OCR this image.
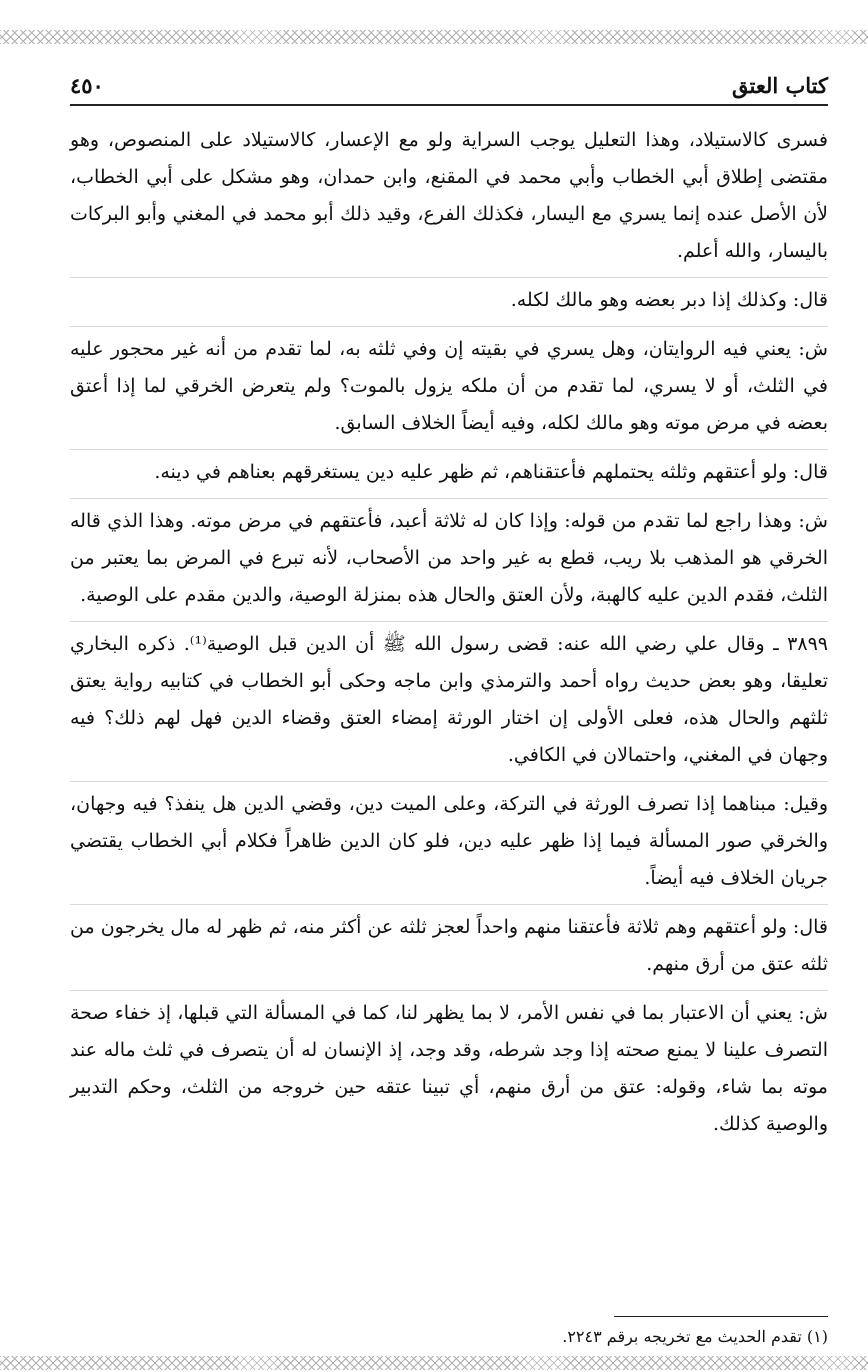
كتاب العتق
٤٥٠

فسرى كالاستيلاد، وهذا التعليل يوجب السراية ولو مع الإعسار، كالاستيلاد على المنصوص، وهو مقتضى إطلاق أبي الخطاب وأبي محمد في المقنع، وابن حمدان، وهو مشكل على أبي الخطاب، لأن الأصل عنده إنما يسري مع اليسار، فكذلك الفرع، وقيد ذلك أبو محمد في المغني وأبو البركات باليسار، والله أعلم.

قال: وكذلك إذا دبر بعضه وهو مالك لكله.

ش: يعني فيه الروايتان، وهل يسري في بقيته إن وفي ثلثه به، لما تقدم من أنه غير محجور عليه في الثلث، أو لا يسري، لما تقدم من أن ملكه يزول بالموت؟ ولم يتعرض الخرقي لما إذا أعتق بعضه في مرض موته وهو مالك لكله، وفيه أيضاً الخلاف السابق.

قال: ولو أعتقهم وثلثه يحتملهم فأعتقناهم، ثم ظهر عليه دين يستغرقهم بعناهم في دينه.

ش: وهذا راجع لما تقدم من قوله: وإذا كان له ثلاثة أعبد، فأعتقهم في مرض موته. وهذا الذي قاله الخرقي هو المذهب بلا ريب، قطع به غير واحد من الأصحاب، لأنه تبرع في المرض بما يعتبر من الثلث، فقدم الدين عليه كالهبة، ولأن العتق والحال هذه بمنزلة الوصية، والدين مقدم على الوصية.

٣٨٩٩ ـ وقال علي رضي الله عنه: قضى رسول الله ﷺ أن الدين قبل الوصية⁽¹⁾. ذكره البخاري تعليقا، وهو بعض حديث رواه أحمد والترمذي وابن ماجه وحكى أبو الخطاب في كتابيه رواية يعتق ثلثهم والحال هذه، فعلى الأولى إن اختار الورثة إمضاء العتق وقضاء الدين فهل لهم ذلك؟ فيه وجهان في المغني، واحتمالان في الكافي.

وقيل: مبناهما إذا تصرف الورثة في التركة، وعلى الميت دين، وقضي الدين هل ينفذ؟ فيه وجهان، والخرقي صور المسألة فيما إذا ظهر عليه دين، فلو كان الدين ظاهراً فكلام أبي الخطاب يقتضي جريان الخلاف فيه أيضاً.

قال: ولو أعتقهم وهم ثلاثة فأعتقنا منهم واحداً لعجز ثلثه عن أكثر منه، ثم ظهر له مال يخرجون من ثلثه عتق من أرق منهم.

ش: يعني أن الاعتبار بما في نفس الأمر، لا بما يظهر لنا، كما في المسألة التي قبلها، إذ خفاء صحة التصرف علينا لا يمنع صحته إذا وجد شرطه، وقد وجد، إذ الإنسان له أن يتصرف في ثلث ماله عند موته بما شاء، وقوله: عتق من أرق منهم، أي تبينا عتقه حين خروجه من الثلث، وحكم التدبير والوصية كذلك.

(١) تقدم الحديث مع تخريجه برقم ٢٢٤٣.
